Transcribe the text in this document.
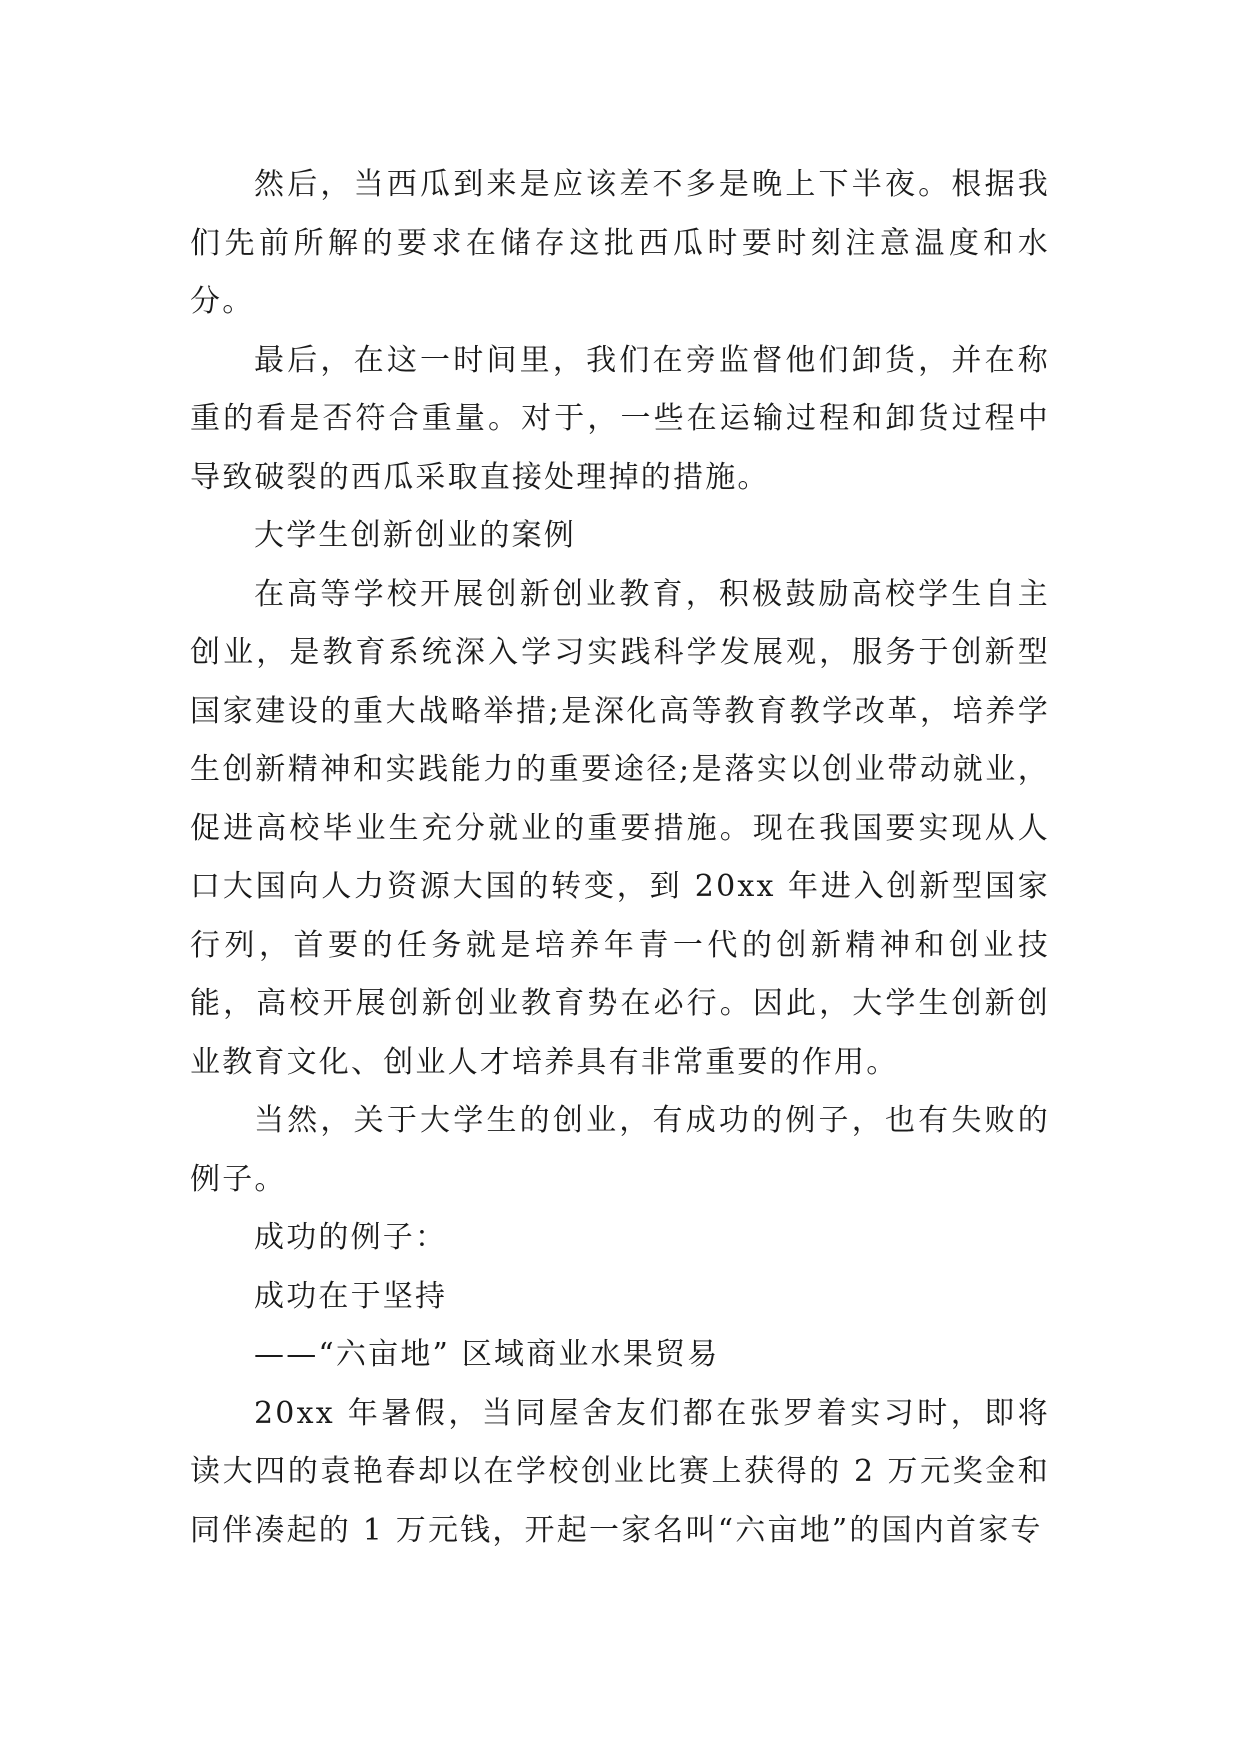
然后，当西瓜到来是应该差不多是晚上下半夜。根据我们先前所解的要求在储存这批西瓜时要时刻注意温度和水分。

最后，在这一时间里，我们在旁监督他们卸货，并在称重的看是否符合重量。对于，一些在运输过程和卸货过程中导致破裂的西瓜采取直接处理掉的措施。

大学生创新创业的案例

在高等学校开展创新创业教育，积极鼓励高校学生自主创业，是教育系统深入学习实践科学发展观，服务于创新型国家建设的重大战略举措;是深化高等教育教学改革，培养学生创新精神和实践能力的重要途径;是落实以创业带动就业，促进高校毕业生充分就业的重要措施。现在我国要实现从人口大国向人力资源大国的转变，到 20xx 年进入创新型国家行列，首要的任务就是培养年青一代的创新精神和创业技能，高校开展创新创业教育势在必行。因此，大学生创新创业教育文化、创业人才培养具有非常重要的作用。

当然，关于大学生的创业，有成功的例子，也有失败的例子。

成功的例子：

成功在于坚持

——“六亩地” 区域商业水果贸易

20xx 年暑假，当同屋舍友们都在张罗着实习时，即将读大四的袁艳春却以在学校创业比赛上获得的 2 万元奖金和同伴凑起的 1 万元钱，开起一家名叫“六亩地”的国内首家专
